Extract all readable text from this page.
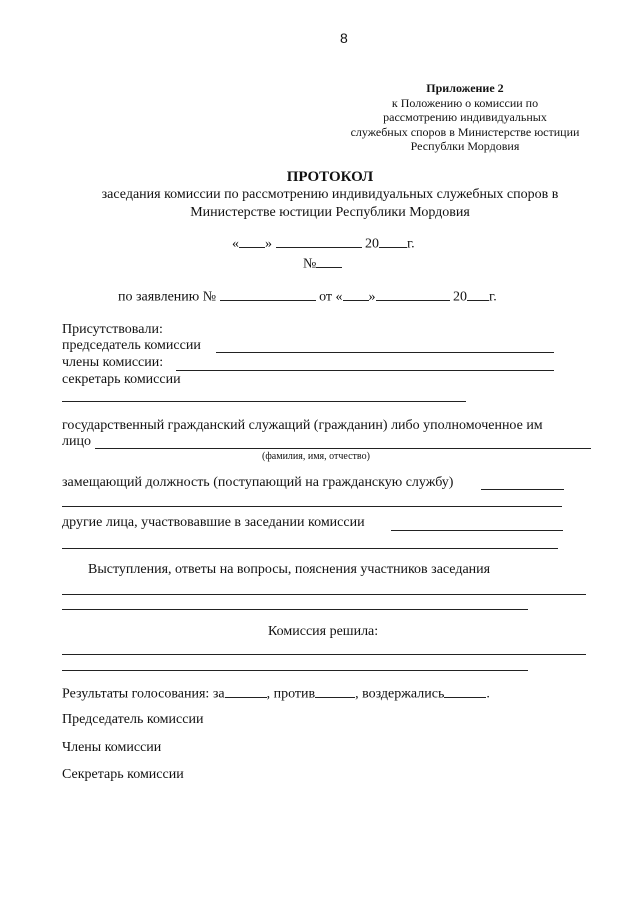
8
Приложение 2
к Положению о комиссии по
рассмотрению индивидуальных
служебных споров в Министерстве юстиции
Республки Мордовия
ПРОТОКОЛ
заседания комиссии по рассмотрению индивидуальных служебных споров в
Министерстве юстиции Республики Мордовия
« »	20 г.
№
по заявлению №	от « »	20 г.
Присутствовали:
председатель комиссии
члены комиссии:
секретарь комиссии
государственный гражданский служащий (гражданин) либо уполномоченное им
лицо
(фамилия, имя, отчество)
замещающий должность (поступающий на гражданскую службу)
другие лица, участвовавшие в заседании комиссии
Выступления, ответы на вопросы, пояснения участников заседания
Комиссия решила:
Результаты голосования: за	, против	, воздержались	.
Председатель комиссии
Члены комиссии
Секретарь комиссии
